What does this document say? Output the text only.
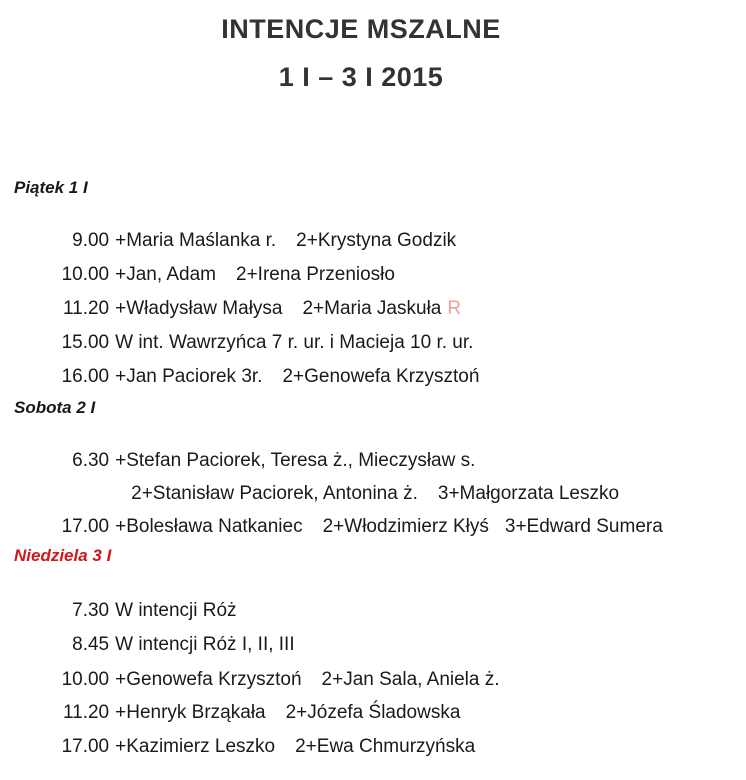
INTENCJE MSZALNE
1 I – 3 I 2015
Piątek 1 I

9.00 +Maria Maślanka r. 2+Krystyna Godzik

10.00 +Jan, Adam 2+Irena Przeniosło

11.20 +Władysław Małysa 2+Maria Jaskuła R

15.00 W int. Wawrzyńca 7 r. ur. i Macieja 10 r. ur.

16.00 +Jan Paciorek 3r. 2+Genowefa Krzysztoń

Sobota 2 I

6.30 +Stefan Paciorek, Teresa ż., Mieczysław s.

2+Stanisław Paciorek, Antonina ż. 3+Małgorzata Leszko

17.00 +Bolesława Natkaniec 2+Włodzimierz Kłyś 3+Edward Sumera

Niedziela 3 I

7.30 W intencji Róż

8.45 W intencji Róż I, II, III

10.00 +Genowefa Krzysztoń 2+Jan Sala, Aniela ż.

11.20 +Henryk Brząkała 2+Józefa Śladowska

17.00 +Kazimierz Leszko 2+Ewa Chmurzyńska
